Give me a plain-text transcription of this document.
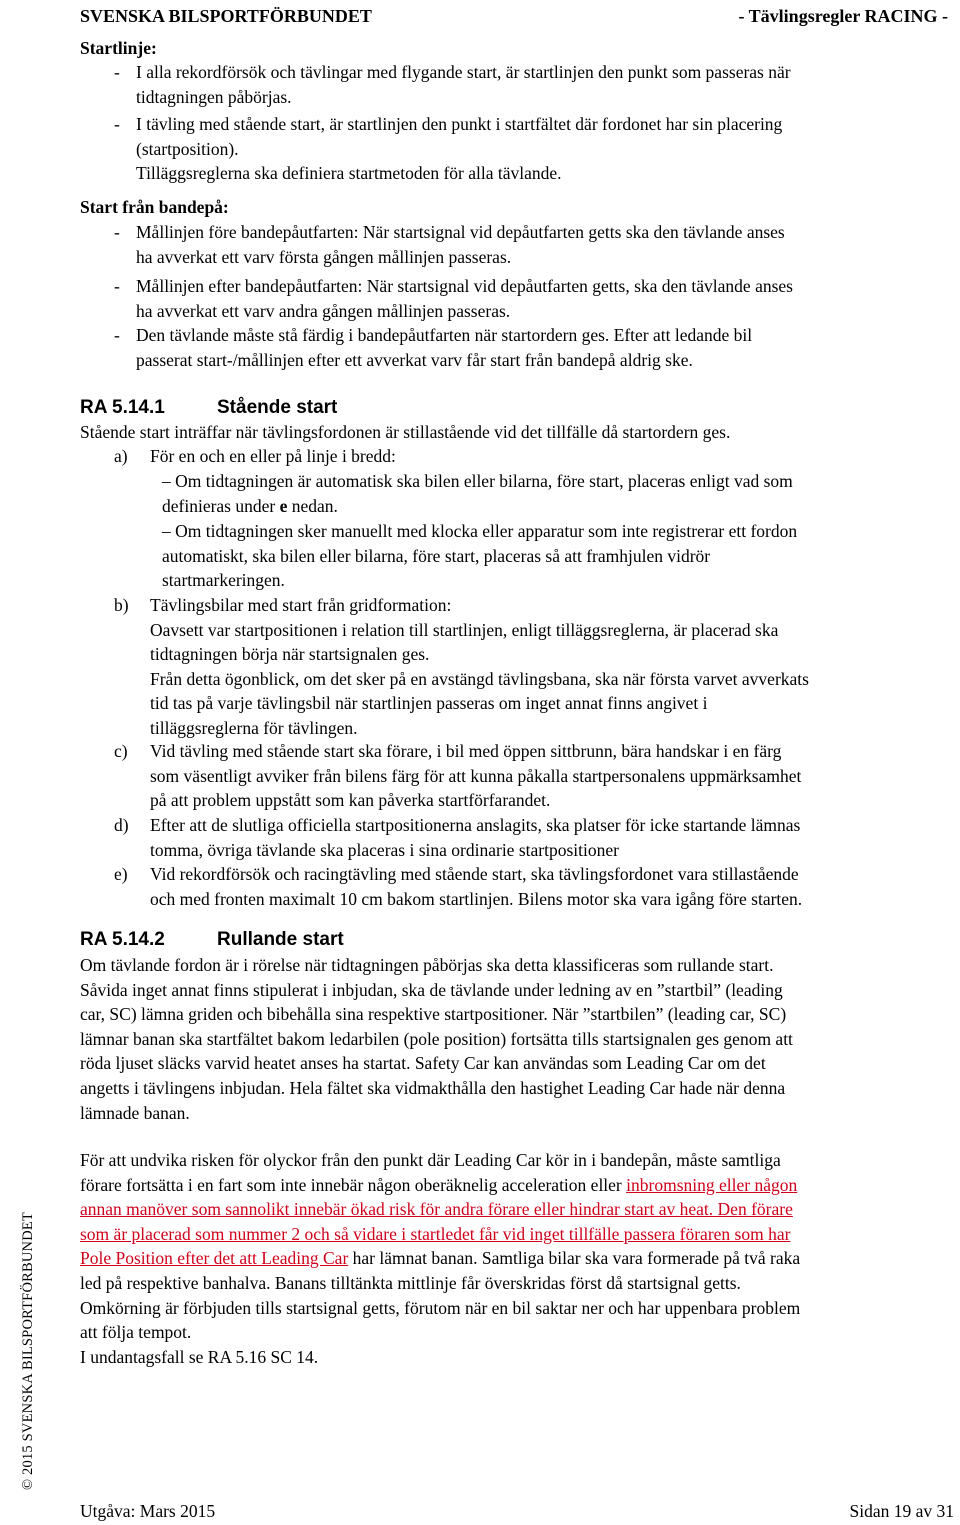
SVENSKA BILSPORTFÖRBUNDET	- Tävlingsregler RACING -
© 2015 SVENSKA BILSPORTFÖRBUNDET
Startlinje:
- I alla rekordförsök och tävlingar med flygande start, är startlinjen den punkt som passeras när
tidtagningen påbörjas.
- I tävling med stående start, är startlinjen den punkt i startfältet där fordonet har sin placering
(startposition).
Tilläggsreglerna ska definiera startmetoden för alla tävlande.
Start från bandepå:
- Mållinjen före bandepåutfarten: När startsignal vid depåutfarten getts ska den tävlande anses
ha avverkat ett varv första gången mållinjen passeras.
- Mållinjen efter bandepåutfarten: När startsignal vid depåutfarten getts, ska den tävlande anses
ha avverkat ett varv andra gången mållinjen passeras.
- Den tävlande måste stå färdig i bandepåutfarten när startordern ges. Efter att ledande bil
passerat start-/mållinjen efter ett avverkat varv får start från bandepå aldrig ske.
RA 5.14.1	Stående start
Stående start inträffar när tävlingsfordonen är stillastående vid det tillfälle då startordern ges.
a) För en och en eller på linje i bredd:
– Om tidtagningen är automatisk ska bilen eller bilarna, före start, placeras enligt vad som
definieras under e nedan.
– Om tidtagningen sker manuellt med klocka eller apparatur som inte registrerar ett fordon
automatiskt, ska bilen eller bilarna, före start, placeras så att framhjulen vidrör
startmarkeringen.
b) Tävlingsbilar med start från gridformation:
Oavsett var startpositionen i relation till startlinjen, enligt tilläggsreglerna, är placerad ska
tidtagningen börja när startsignalen ges.
Från detta ögonblick, om det sker på en avstängd tävlingsbana, ska när första varvet avverkats
tid tas på varje tävlingsbil när startlinjen passeras om inget annat finns angivet i
tilläggsreglerna för tävlingen.
c) Vid tävling med stående start ska förare, i bil med öppen sittbrunn, bära handskar i en färg
som väsentligt avviker från bilens färg för att kunna påkalla startpersonalens uppmärksamhet
på att problem uppstått som kan påverka startförfarandet.
d) Efter att de slutliga officiella startpositionerna anslagits, ska platser för icke startande lämnas
tomma, övriga tävlande ska placeras i sina ordinarie startpositioner
e) Vid rekordförsök och racingtävling med stående start, ska tävlingsfordonet vara stillastående
och med fronten maximalt 10 cm bakom startlinjen. Bilens motor ska vara igång före starten.
RA 5.14.2	Rullande start
Om tävlande fordon är i rörelse när tidtagningen påbörjas ska detta klassificeras som rullande start.
Såvida inget annat finns stipulerat i inbjudan, ska de tävlande under ledning av en ”startbil” (leading
car, SC) lämna griden och bibehålla sina respektive startpositioner. När ”startbilen” (leading car, SC)
lämnar banan ska startfältet bakom ledarbilen (pole position) fortsätta tills startsignalen ges genom att
röda ljuset släcks varvid heatet anses ha startat. Safety Car kan användas som Leading Car om det
angetts i tävlingens inbjudan. Hela fältet ska vidmakthålla den hastighet Leading Car hade när denna
lämnade banan.
För att undvika risken för olyckor från den punkt där Leading Car kör in i bandepån, måste samtliga
förare fortsätta i en fart som inte innebär någon oberäknelig acceleration eller inbromsning eller någon
annan manöver som sannolikt innebär ökad risk för andra förare eller hindrar start av heat. Den förare
som är placerad som nummer 2 och så vidare i startledet får vid inget tillfälle passera föraren som har
Pole Position efter det att Leading Car har lämnat banan. Samtliga bilar ska vara formerade på två raka
led på respektive banhalva. Banans tilltänkta mittlinje får överskridas först då startsignal getts.
Omkörning är förbjuden tills startsignal getts, förutom när en bil saktar ner och har uppenbara problem
att följa tempot.
I undantagsfall se RA 5.16 SC 14.
Utgåva: Mars 2015	Sidan 19 av 31
